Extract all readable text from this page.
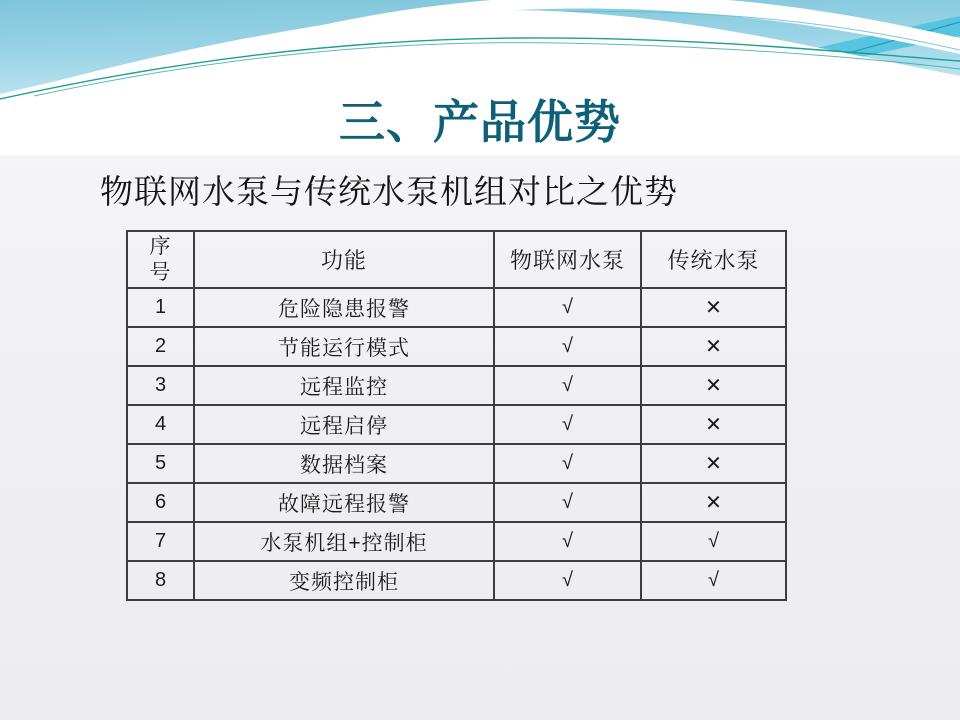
三、产品优势
物联网水泵与传统水泵机组对比之优势
序号	功能	物联网水泵	传统水泵
1	危险隐患报警	√	✕
2	节能运行模式	√	✕
3	远程监控	√	✕
4	远程启停	√	✕
5	数据档案	√	✕
6	故障远程报警	√	✕
7	水泵机组+控制柜	√	√
8	变频控制柜	√	√
